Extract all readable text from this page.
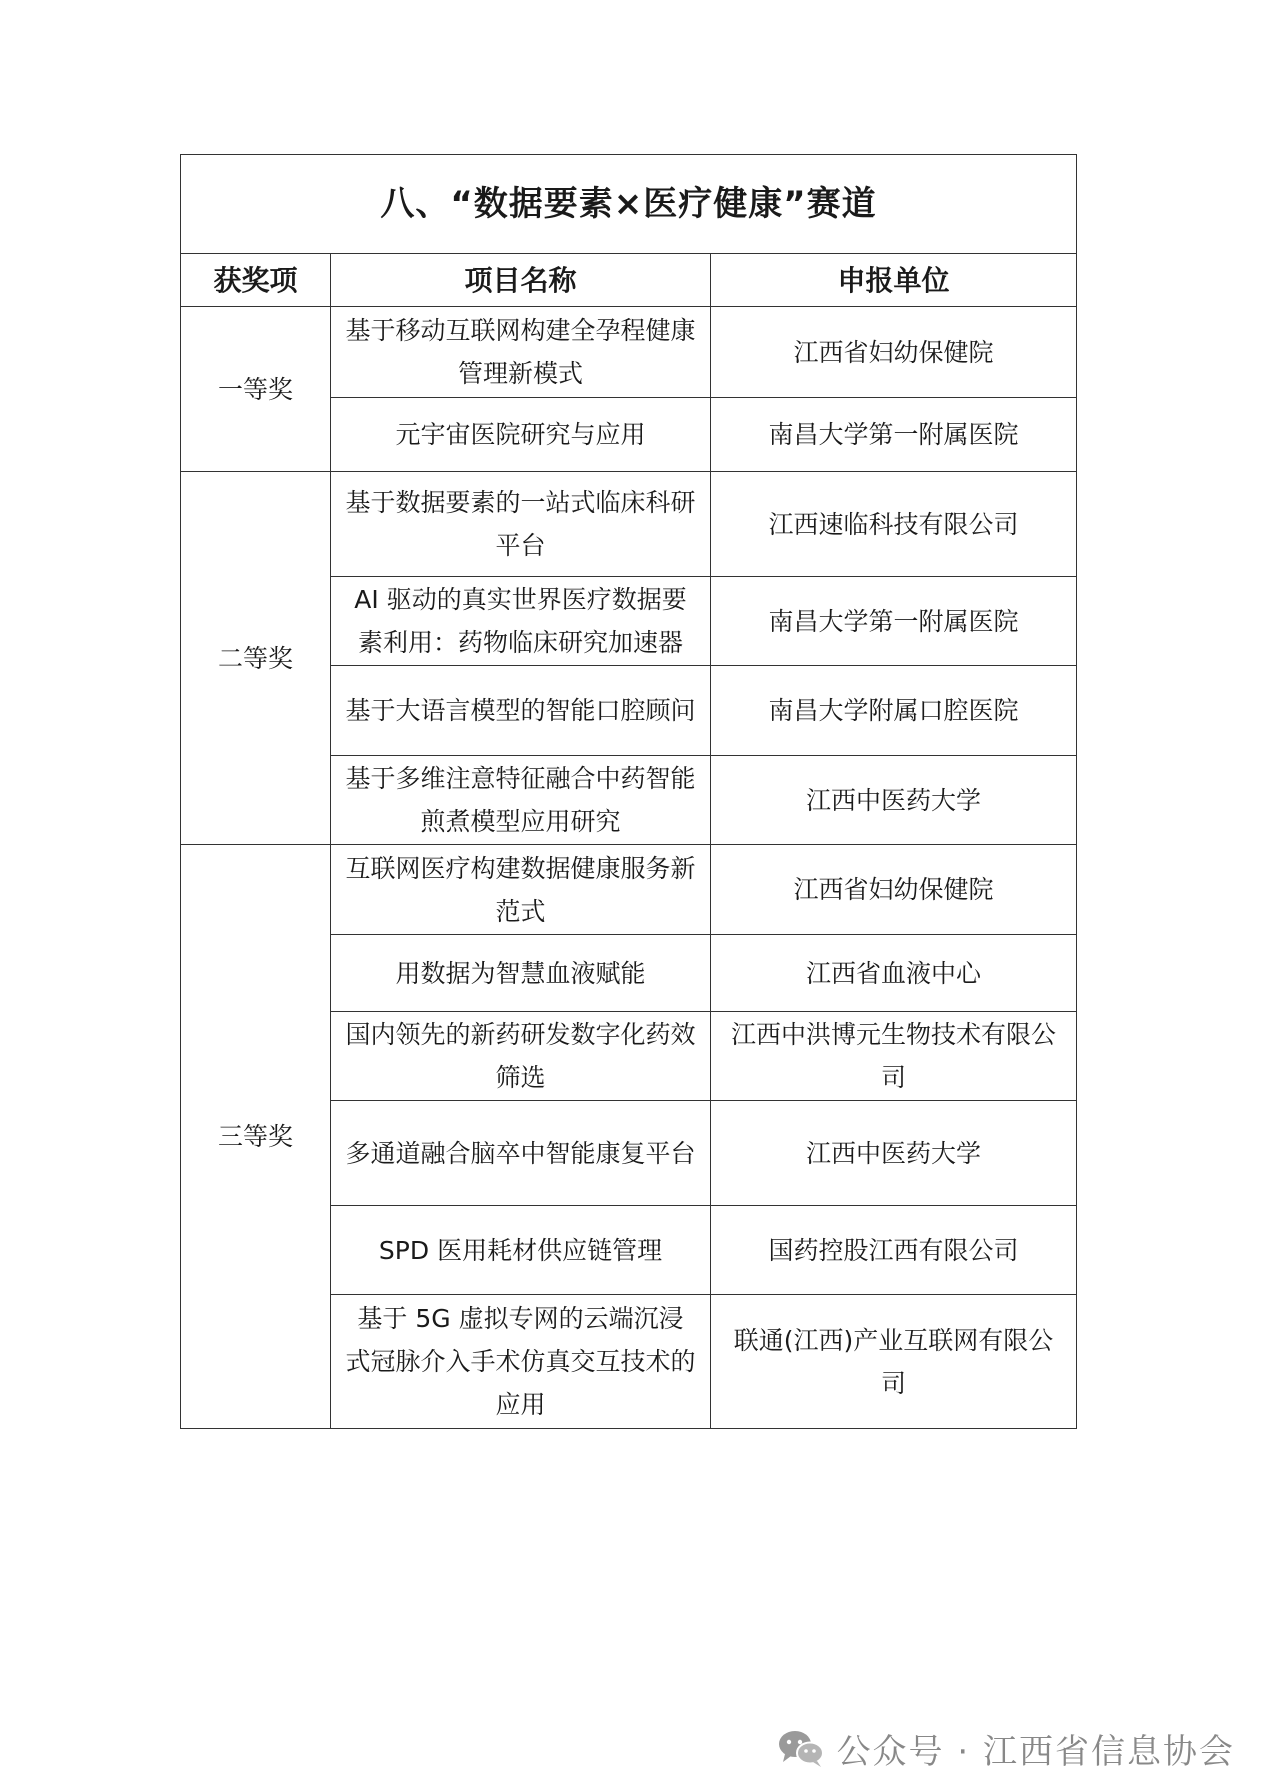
八、“数据要素×医疗健康”赛道		
获奖项	项目名称	申报单位
一等奖	基于移动互联网构建全孕程健康管理新模式	江西省妇幼保健院
	元宇宙医院研究与应用	南昌大学第一附属医院
二等奖	基于数据要素的一站式临床科研平台	江西速临科技有限公司
	AI 驱动的真实世界医疗数据要素利用：药物临床研究加速器	南昌大学第一附属医院
	基于大语言模型的智能口腔顾问	南昌大学附属口腔医院
	基于多维注意特征融合中药智能煎煮模型应用研究	江西中医药大学
三等奖	互联网医疗构建数据健康服务新范式	江西省妇幼保健院
	用数据为智慧血液赋能	江西省血液中心
	国内领先的新药研发数字化药效筛选	江西中洪博元生物技术有限公司
	多通道融合脑卒中智能康复平台	江西中医药大学
	SPD 医用耗材供应链管理	国药控股江西有限公司
	基于 5G 虚拟专网的云端沉浸式冠脉介入手术仿真交互技术的应用	联通(江西)产业互联网有限公司
公众号 · 江西省信息协会
